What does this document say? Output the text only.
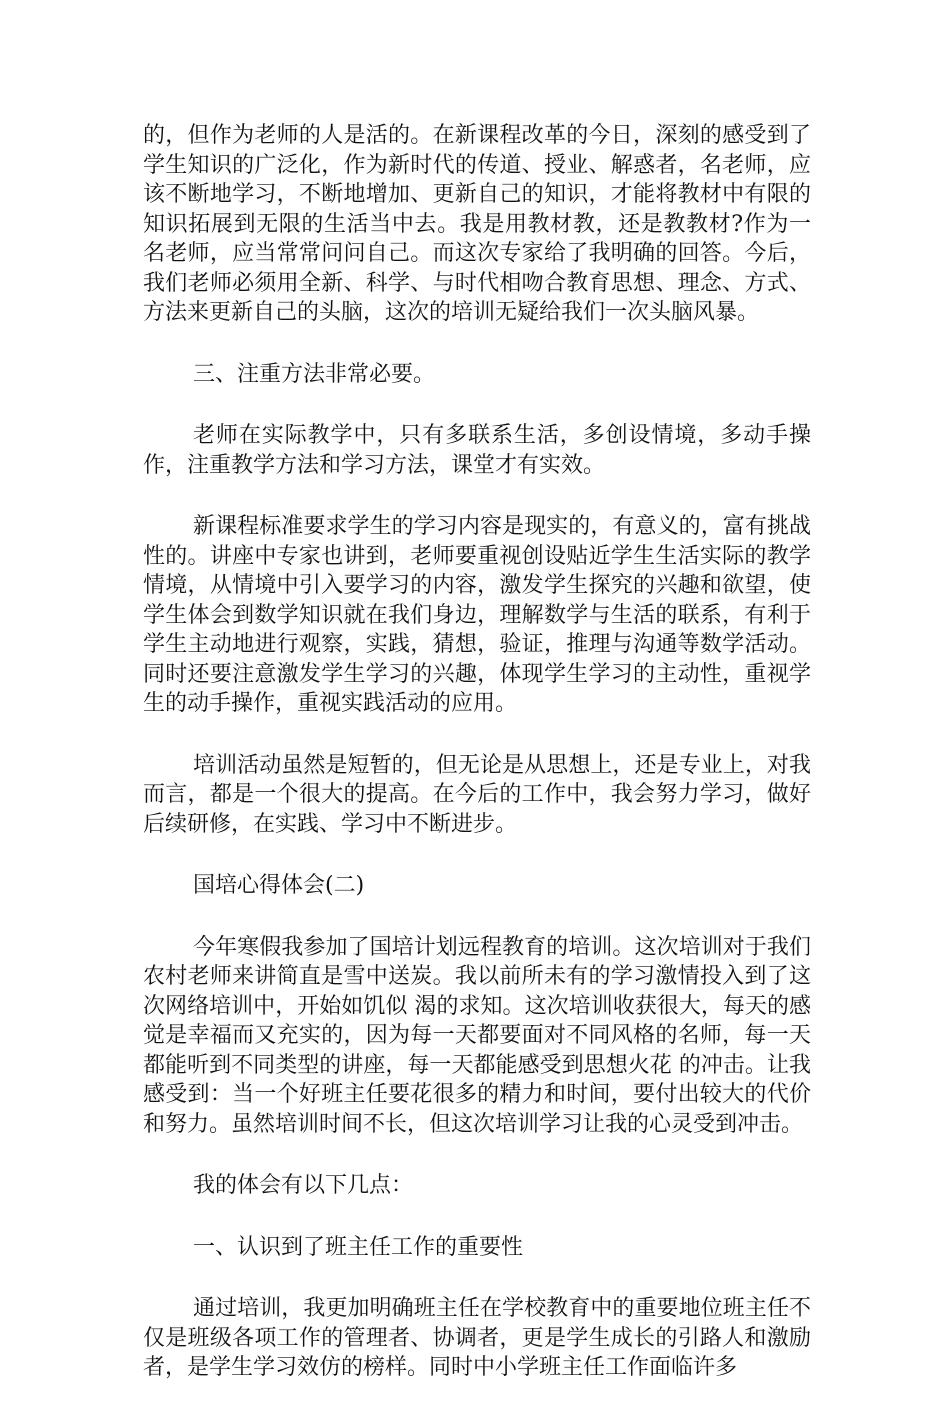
的，但作为老师的人是活的。在新课程改革的今日，深刻的感受到了学生知识的广泛化，作为新时代的传道、授业、解惑者，名老师，应该不断地学习，不断地增加、更新自己的知识，才能将教材中有限的知识拓展到无限的生活当中去。我是用教材教，还是教教材?作为一名老师，应当常常问问自己。而这次专家给了我明确的回答。今后，我们老师必须用全新、科学、与时代相吻合教育思想、理念、方式、方法来更新自己的头脑，这次的培训无疑给我们一次头脑风暴。

三、注重方法非常必要。

老师在实际教学中，只有多联系生活，多创设情境，多动手操作，注重教学方法和学习方法，课堂才有实效。

新课程标准要求学生的学习内容是现实的，有意义的，富有挑战性的。讲座中专家也讲到，老师要重视创设贴近学生生活实际的教学情境，从情境中引入要学习的内容，激发学生探究的兴趣和欲望，使学生体会到数学知识就在我们身边，理解数学与生活的联系，有利于学生主动地进行观察，实践，猜想，验证，推理与沟通等数学活动。同时还要注意激发学生学习的兴趣，体现学生学习的主动性，重视学生的动手操作，重视实践活动的应用。

培训活动虽然是短暂的，但无论是从思想上，还是专业上，对我而言，都是一个很大的提高。在今后的工作中，我会努力学习，做好后续研修，在实践、学习中不断进步。

国培心得体会(二)

今年寒假我参加了国培计划远程教育的培训。这次培训对于我们农村老师来讲简直是雪中送炭。我以前所未有的学习激情投入到了这次网络培训中，开始如饥似 渴的求知。这次培训收获很大，每天的感觉是幸福而又充实的，因为每一天都要面对不同风格的名师，每一天都能听到不同类型的讲座，每一天都能感受到思想火花 的冲击。让我感受到：当一个好班主任要花很多的精力和时间，要付出较大的代价和努力。虽然培训时间不长，但这次培训学习让我的心灵受到冲击。

我的体会有以下几点：

一、认识到了班主任工作的重要性

通过培训，我更加明确班主任在学校教育中的重要地位班主任不仅是班级各项工作的管理者、协调者，更是学生成长的引路人和激励者，是学生学习效仿的榜样。同时中小学班主任工作面临许多
